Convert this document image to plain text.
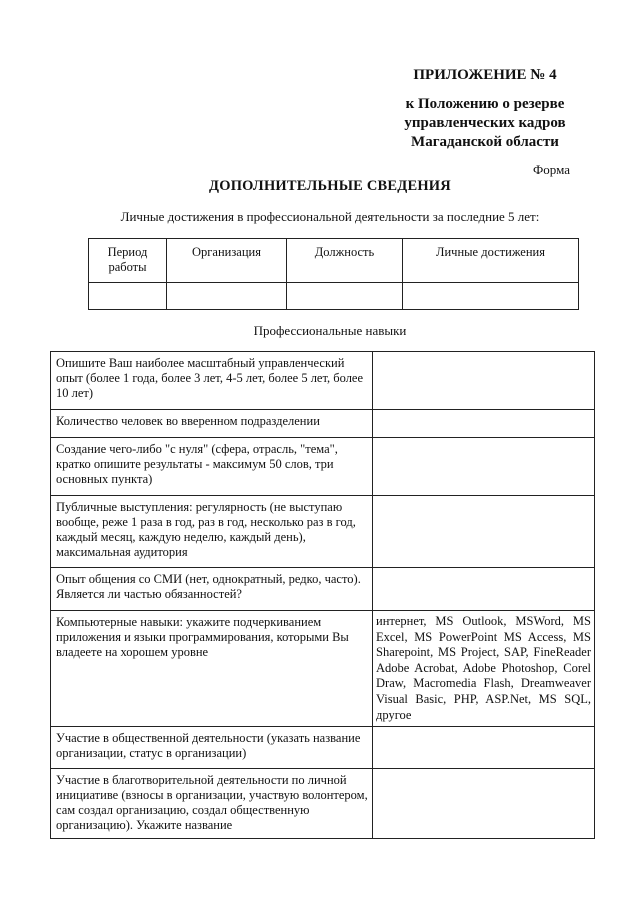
ПРИЛОЖЕНИЕ № 4
к Положению о резерве
управленческих кадров
Магаданской области
Форма
ДОПОЛНИТЕЛЬНЫЕ СВЕДЕНИЯ
Личные достижения в профессиональной деятельности за последние 5 лет:
Период работы	Организация	Должность	Личные достижения

Профессиональные навыки
Опишите Ваш наиболее масштабный управленческий опыт (более 1 года, более 3 лет, 4-5 лет, более 5 лет, более 10 лет)	
Количество человек во вверенном подразделении	
Создание чего-либо "с нуля" (сфера, отрасль, "тема", кратко опишите результаты - максимум 50 слов, три основных пункта)	
Публичные выступления: регулярность (не выступаю вообще, реже 1 раза в год, раз в год, несколько раз в год, каждый месяц, каждую неделю, каждый день), максимальная аудитория	
Опыт общения со СМИ (нет, однократный, редко, часто). Является ли частью обязанностей?	
Компьютерные навыки: укажите подчеркиванием приложения и языки программирования, которыми Вы владеете на хорошем уровне	интернет, MS Outlook, MSWord, MS Excel, MS PowerPoint MS Access, MS Sharepoint, MS Project, SAP, FineReader Adobe Acrobat, Adobe Photoshop, Corel Draw, Macromedia Flash, Dreamweaver Visual Basic, PHP, ASP.Net, MS SQL, другое
Участие в общественной деятельности (указать название организации, статус в организации)	
Участие в благотворительной деятельности по личной инициативе (взносы в организации, участвую волонтером, сам создал организацию, создал общественную организацию). Укажите название	
